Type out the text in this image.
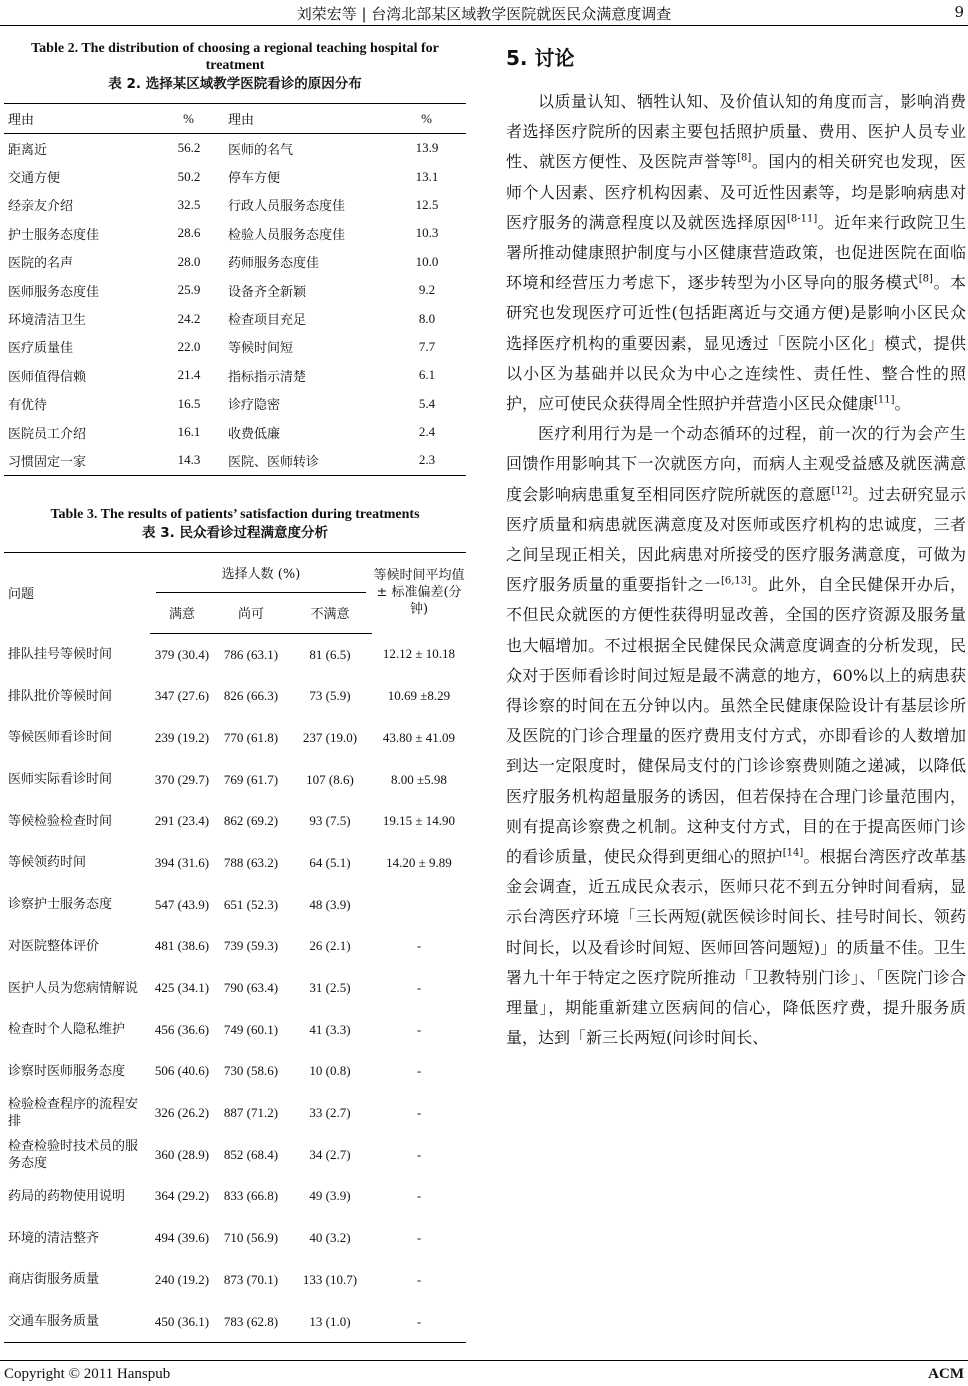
刘荣宏等 | 台湾北部某区域教学医院就医民众满意度调查	9
Table 2. The distribution of choosing a regional teaching hospital for treatment
表 2. 选择某区域教学医院看诊的原因分布
理由	%	理由	%
距离近	56.2	医师的名气	13.9
交通方便	50.2	停车方便	13.1
经亲友介绍	32.5	行政人员服务态度佳	12.5
护士服务态度佳	28.6	检验人员服务态度佳	10.3
医院的名声	28.0	药师服务态度佳	10.0
医师服务态度佳	25.9	设备齐全新颖	9.2
环境清洁卫生	24.2	检查项目充足	8.0
医疗质量佳	22.0	等候时间短	7.7
医师值得信赖	21.4	指标指示清楚	6.1
有优待	16.5	诊疗隐密	5.4
医院员工介绍	16.1	收费低廉	2.4
习惯固定一家	14.3	医院、医师转诊	2.3
Table 3. The results of patients’ satisfaction during treatments
表 3. 民众看诊过程满意度分析
问题	选择人数 (%)			等候时间平均值 ± 标准偏差(分钟)
	满意	尚可	不满意	
排队挂号等候时间	379 (30.4)	786 (63.1)	81 (6.5)	12.12 ± 10.18
排队批价等候时间	347 (27.6)	826 (66.3)	73 (5.9)	10.69 ±8.29
等候医师看诊时间	239 (19.2)	770 (61.8)	237 (19.0)	43.80 ± 41.09
医师实际看诊时间	370 (29.7)	769 (61.7)	107 (8.6)	8.00 ±5.98
等候检验检查时间	291 (23.4)	862 (69.2)	93 (7.5)	19.15 ± 14.90
等候领药时间	394 (31.6)	788 (63.2)	64 (5.1)	14.20 ± 9.89
诊察护士服务态度	547 (43.9)	651 (52.3)	48 (3.9)	
对医院整体评价	481 (38.6)	739 (59.3)	26 (2.1)	-
医护人员为您病情解说	425 (34.1)	790 (63.4)	31 (2.5)	-
检查时个人隐私维护	456 (36.6)	749 (60.1)	41 (3.3)	-
诊察时医师服务态度	506 (40.6)	730 (58.6)	10 (0.8)	-
检验检查程序的流程安排	326 (26.2)	887 (71.2)	33 (2.7)	-
检查检验时技术员的服务态度	360 (28.9)	852 (68.4)	34 (2.7)	-
药局的药物使用说明	364 (29.2)	833 (66.8)	49 (3.9)	-
环境的清洁整齐	494 (39.6)	710 (56.9)	40 (3.2)	-
商店街服务质量	240 (19.2)	873 (70.1)	133 (10.7)	-
交通车服务质量	450 (36.1)	783 (62.8)	13 (1.0)	-
5. 讨论

以质量认知、牺牲认知、及价值认知的角度而言，影响消费者选择医疗院所的因素主要包括照护质量、费用、医护人员专业性、就医方便性、及医院声誉等[8]。国内的相关研究也发现，医师个人因素、医疗机构因素、及可近性因素等，均是影响病患对医疗服务的满意程度以及就医选择原因[8-11]。近年来行政院卫生署所推动健康照护制度与小区健康营造政策，也促进医院在面临环境和经营压力考虑下，逐步转型为小区导向的服务模式[8]。本研究也发现医疗可近性(包括距离近与交通方便)是影响小区民众选择医疗机构的重要因素，显见透过「医院小区化」模式，提供以小区为基础并以民众为中心之连续性、责任性、整合性的照护，应可使民众获得周全性照护并营造小区民众健康[11]。

医疗利用行为是一个动态循环的过程，前一次的行为会产生回馈作用影响其下一次就医方向，而病人主观受益感及就医满意度会影响病患重复至相同医疗院所就医的意愿[12]。过去研究显示医疗质量和病患就医满意度及对医师或医疗机构的忠诚度，三者之间呈现正相关，因此病患对所接受的医疗服务满意度，可做为医疗服务质量的重要指针之一[6,13]。此外，自全民健保开办后，不但民众就医的方便性获得明显改善，全国的医疗资源及服务量也大幅增加。不过根据全民健保民众满意度调查的分析发现，民众对于医师看诊时间过短是最不满意的地方，60%以上的病患获得诊察的时间在五分钟以内。虽然全民健康保险设计有基层诊所及医院的门诊合理量的医疗费用支付方式，亦即看诊的人数增加到达一定限度时，健保局支付的门诊诊察费则随之递减，以降低医疗服务机构超量服务的诱因，但若保持在合理门诊量范围内，则有提高诊察费之机制。这种支付方式，目的在于提高医师门诊的看诊质量，使民众得到更细心的照护[14]。根据台湾医疗改革基金会调查，近五成民众表示，医师只花不到五分钟时间看病，显示台湾医疗环境「三长两短(就医候诊时间长、挂号时间长、领药时间长，以及看诊时间短、医师回答问题短)」的质量不佳。卫生署九十年于特定之医疗院所推动「卫教特别门诊」、「医院门诊合理量」，期能重新建立医病间的信心，降低医疗费，提升服务质量，达到「新三长两短(问诊时间长、

Copyright © 2011 Hanspub	ACM
